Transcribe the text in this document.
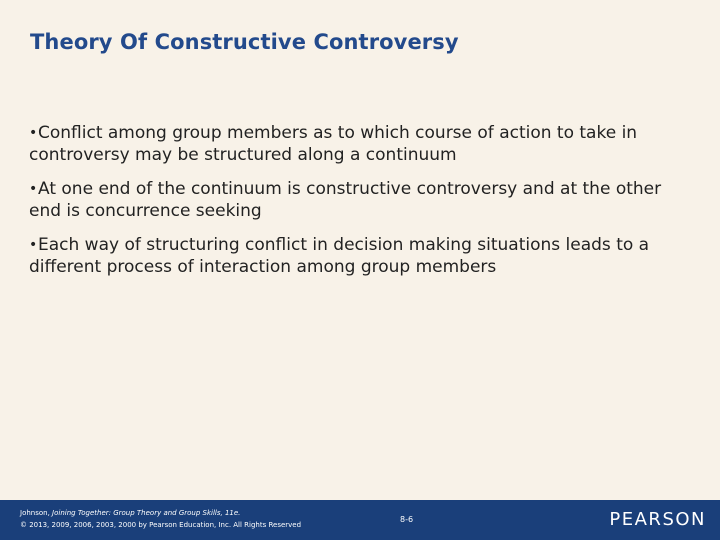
Theory Of Constructive Controversy
•Conflict among group members as to which course of action to take in controversy may be structured along a continuum
•At one end of the continuum is constructive controversy and at the other end is concurrence seeking
•Each way of structuring conflict in decision making situations leads to a different process of interaction among group members
Johnson, Joining Together: Group Theory and Group Skills, 11e.
© 2013, 2009, 2006, 2003, 2000 by Pearson Education, Inc. All Rights Reserved
8-6	PEARSON
